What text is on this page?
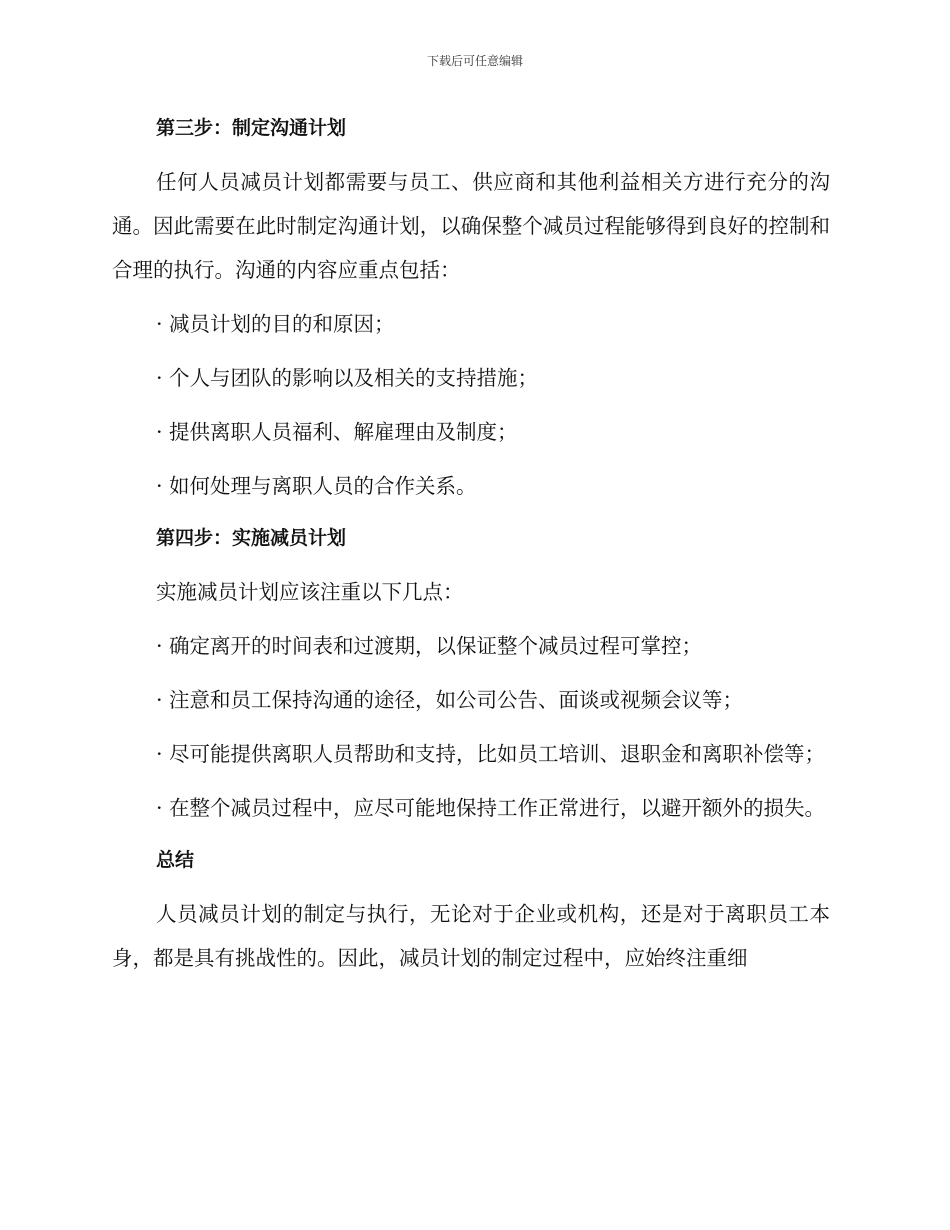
下载后可任意编辑

第三步：制定沟通计划

任何人员减员计划都需要与员工、供应商和其他利益相关方进行充分的沟通。因此需要在此时制定沟通计划，以确保整个减员过程能够得到良好的控制和合理的执行。沟通的内容应重点包括：

· 减员计划的目的和原因；

· 个人与团队的影响以及相关的支持措施；

· 提供离职人员福利、解雇理由及制度；

· 如何处理与离职人员的合作关系。

第四步：实施减员计划

实施减员计划应该注重以下几点：

· 确定离开的时间表和过渡期，以保证整个减员过程可掌控；

· 注意和员工保持沟通的途径，如公司公告、面谈或视频会议等；

· 尽可能提供离职人员帮助和支持，比如员工培训、退职金和离职补偿等；

· 在整个减员过程中，应尽可能地保持工作正常进行，以避开额外的损失。

总结

人员减员计划的制定与执行，无论对于企业或机构，还是对于离职员工本身，都是具有挑战性的。因此，减员计划的制定过程中，应始终注重细
